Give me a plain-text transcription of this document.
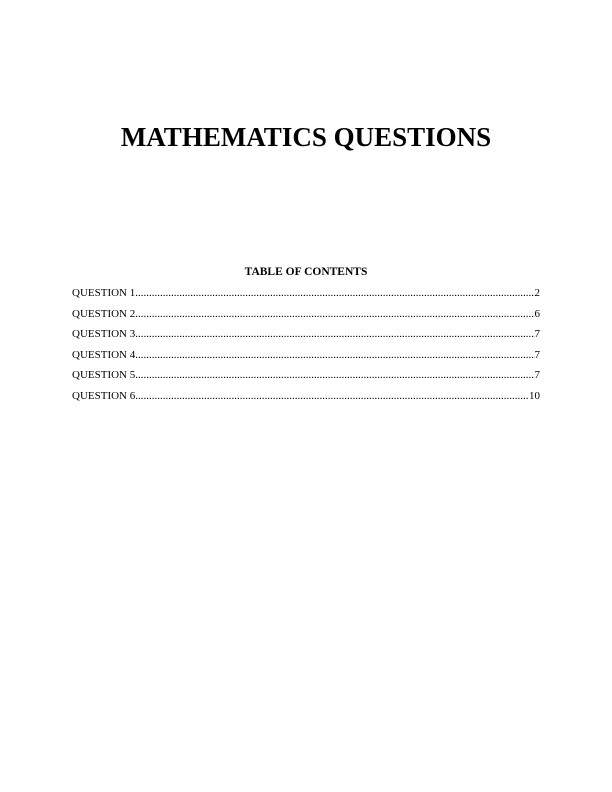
MATHEMATICS QUESTIONS
TABLE OF CONTENTS
QUESTION 1 .....	2
QUESTION 2 .....	6
QUESTION 3 .....	7
QUESTION 4 .....	7
QUESTION 5 .....	7
QUESTION 6 .....	10
